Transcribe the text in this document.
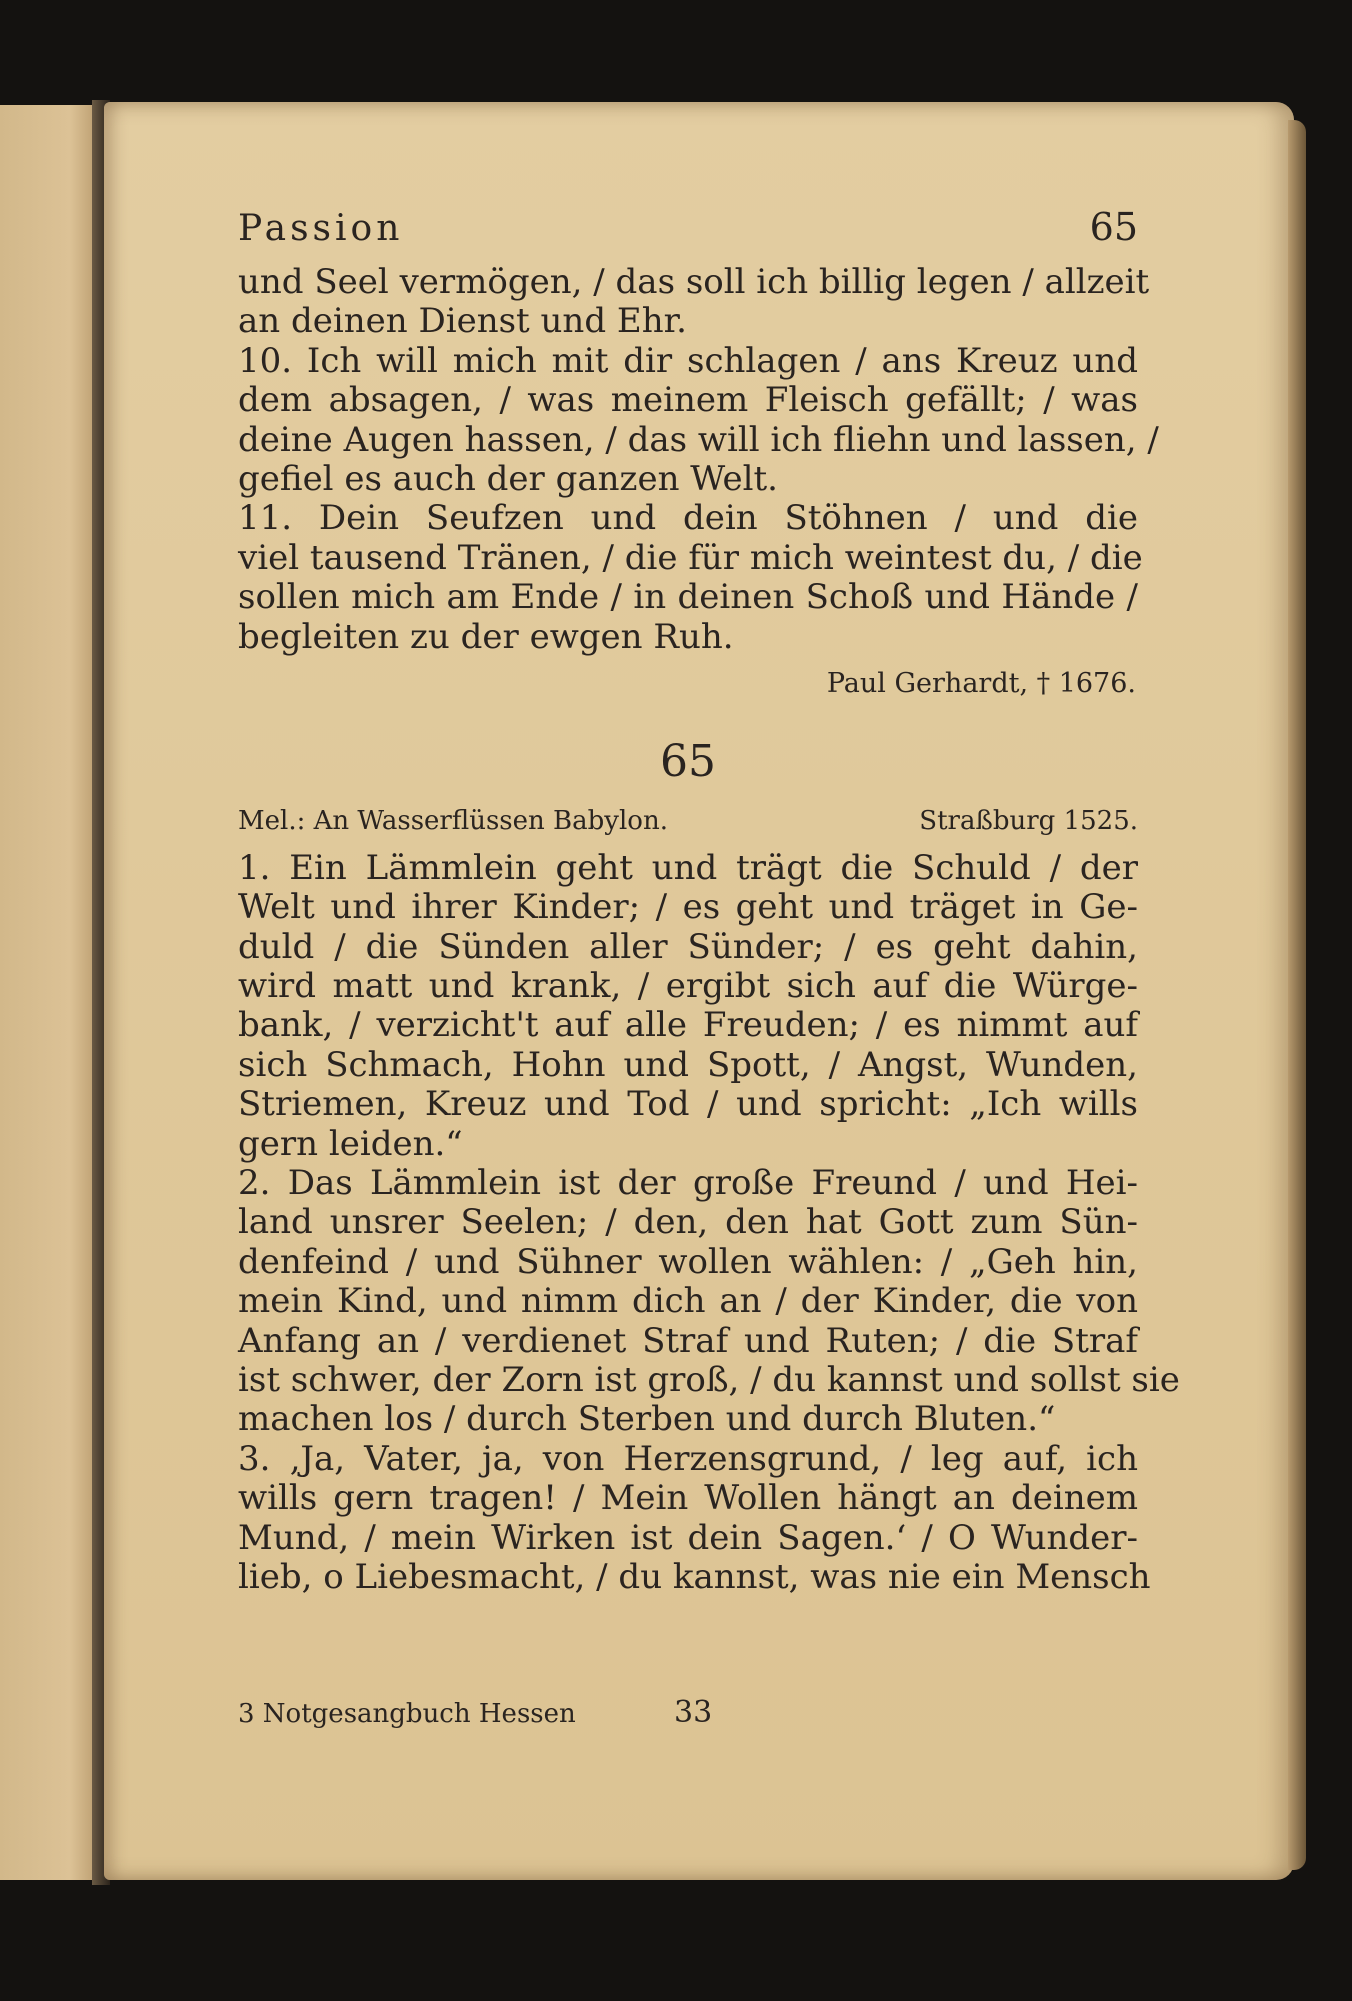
Passion	65
und Seel vermögen, / das soll ich billig legen / allzeit
an deinen Dienst und Ehr.
10. Ich will mich mit dir schlagen / ans Kreuz und
dem absagen, / was meinem Fleisch gefällt; / was
deine Augen hassen, / das will ich fliehn und lassen, /
gefiel es auch der ganzen Welt.
11. Dein Seufzen und dein Stöhnen / und die
viel tausend Tränen, / die für mich weintest du, / die
sollen mich am Ende / in deinen Schoß und Hände /
begleiten zu der ewgen Ruh.
Paul Gerhardt, † 1676.
65
Mel.: An Wasserflüssen Babylon.	Straßburg 1525.
1. Ein Lämmlein geht und trägt die Schuld / der
Welt und ihrer Kinder; / es geht und träget in Ge-
duld / die Sünden aller Sünder; / es geht dahin,
wird matt und krank, / ergibt sich auf die Würge-
bank, / verzicht't auf alle Freuden; / es nimmt auf
sich Schmach, Hohn und Spott, / Angst, Wunden,
Striemen, Kreuz und Tod / und spricht: „Ich wills
gern leiden.“
2. Das Lämmlein ist der große Freund / und Hei-
land unsrer Seelen; / den, den hat Gott zum Sün-
denfeind / und Sühner wollen wählen: / „Geh hin,
mein Kind, und nimm dich an / der Kinder, die von
Anfang an / verdienet Straf und Ruten; / die Straf
ist schwer, der Zorn ist groß, / du kannst und sollst sie
machen los / durch Sterben und durch Bluten.“
3. ‚Ja, Vater, ja, von Herzensgrund, / leg auf, ich
wills gern tragen! / Mein Wollen hängt an deinem
Mund, / mein Wirken ist dein Sagen.‘ / O Wunder-
lieb, o Liebesmacht, / du kannst, was nie ein Mensch
3 Notgesangbuch Hessen	33
